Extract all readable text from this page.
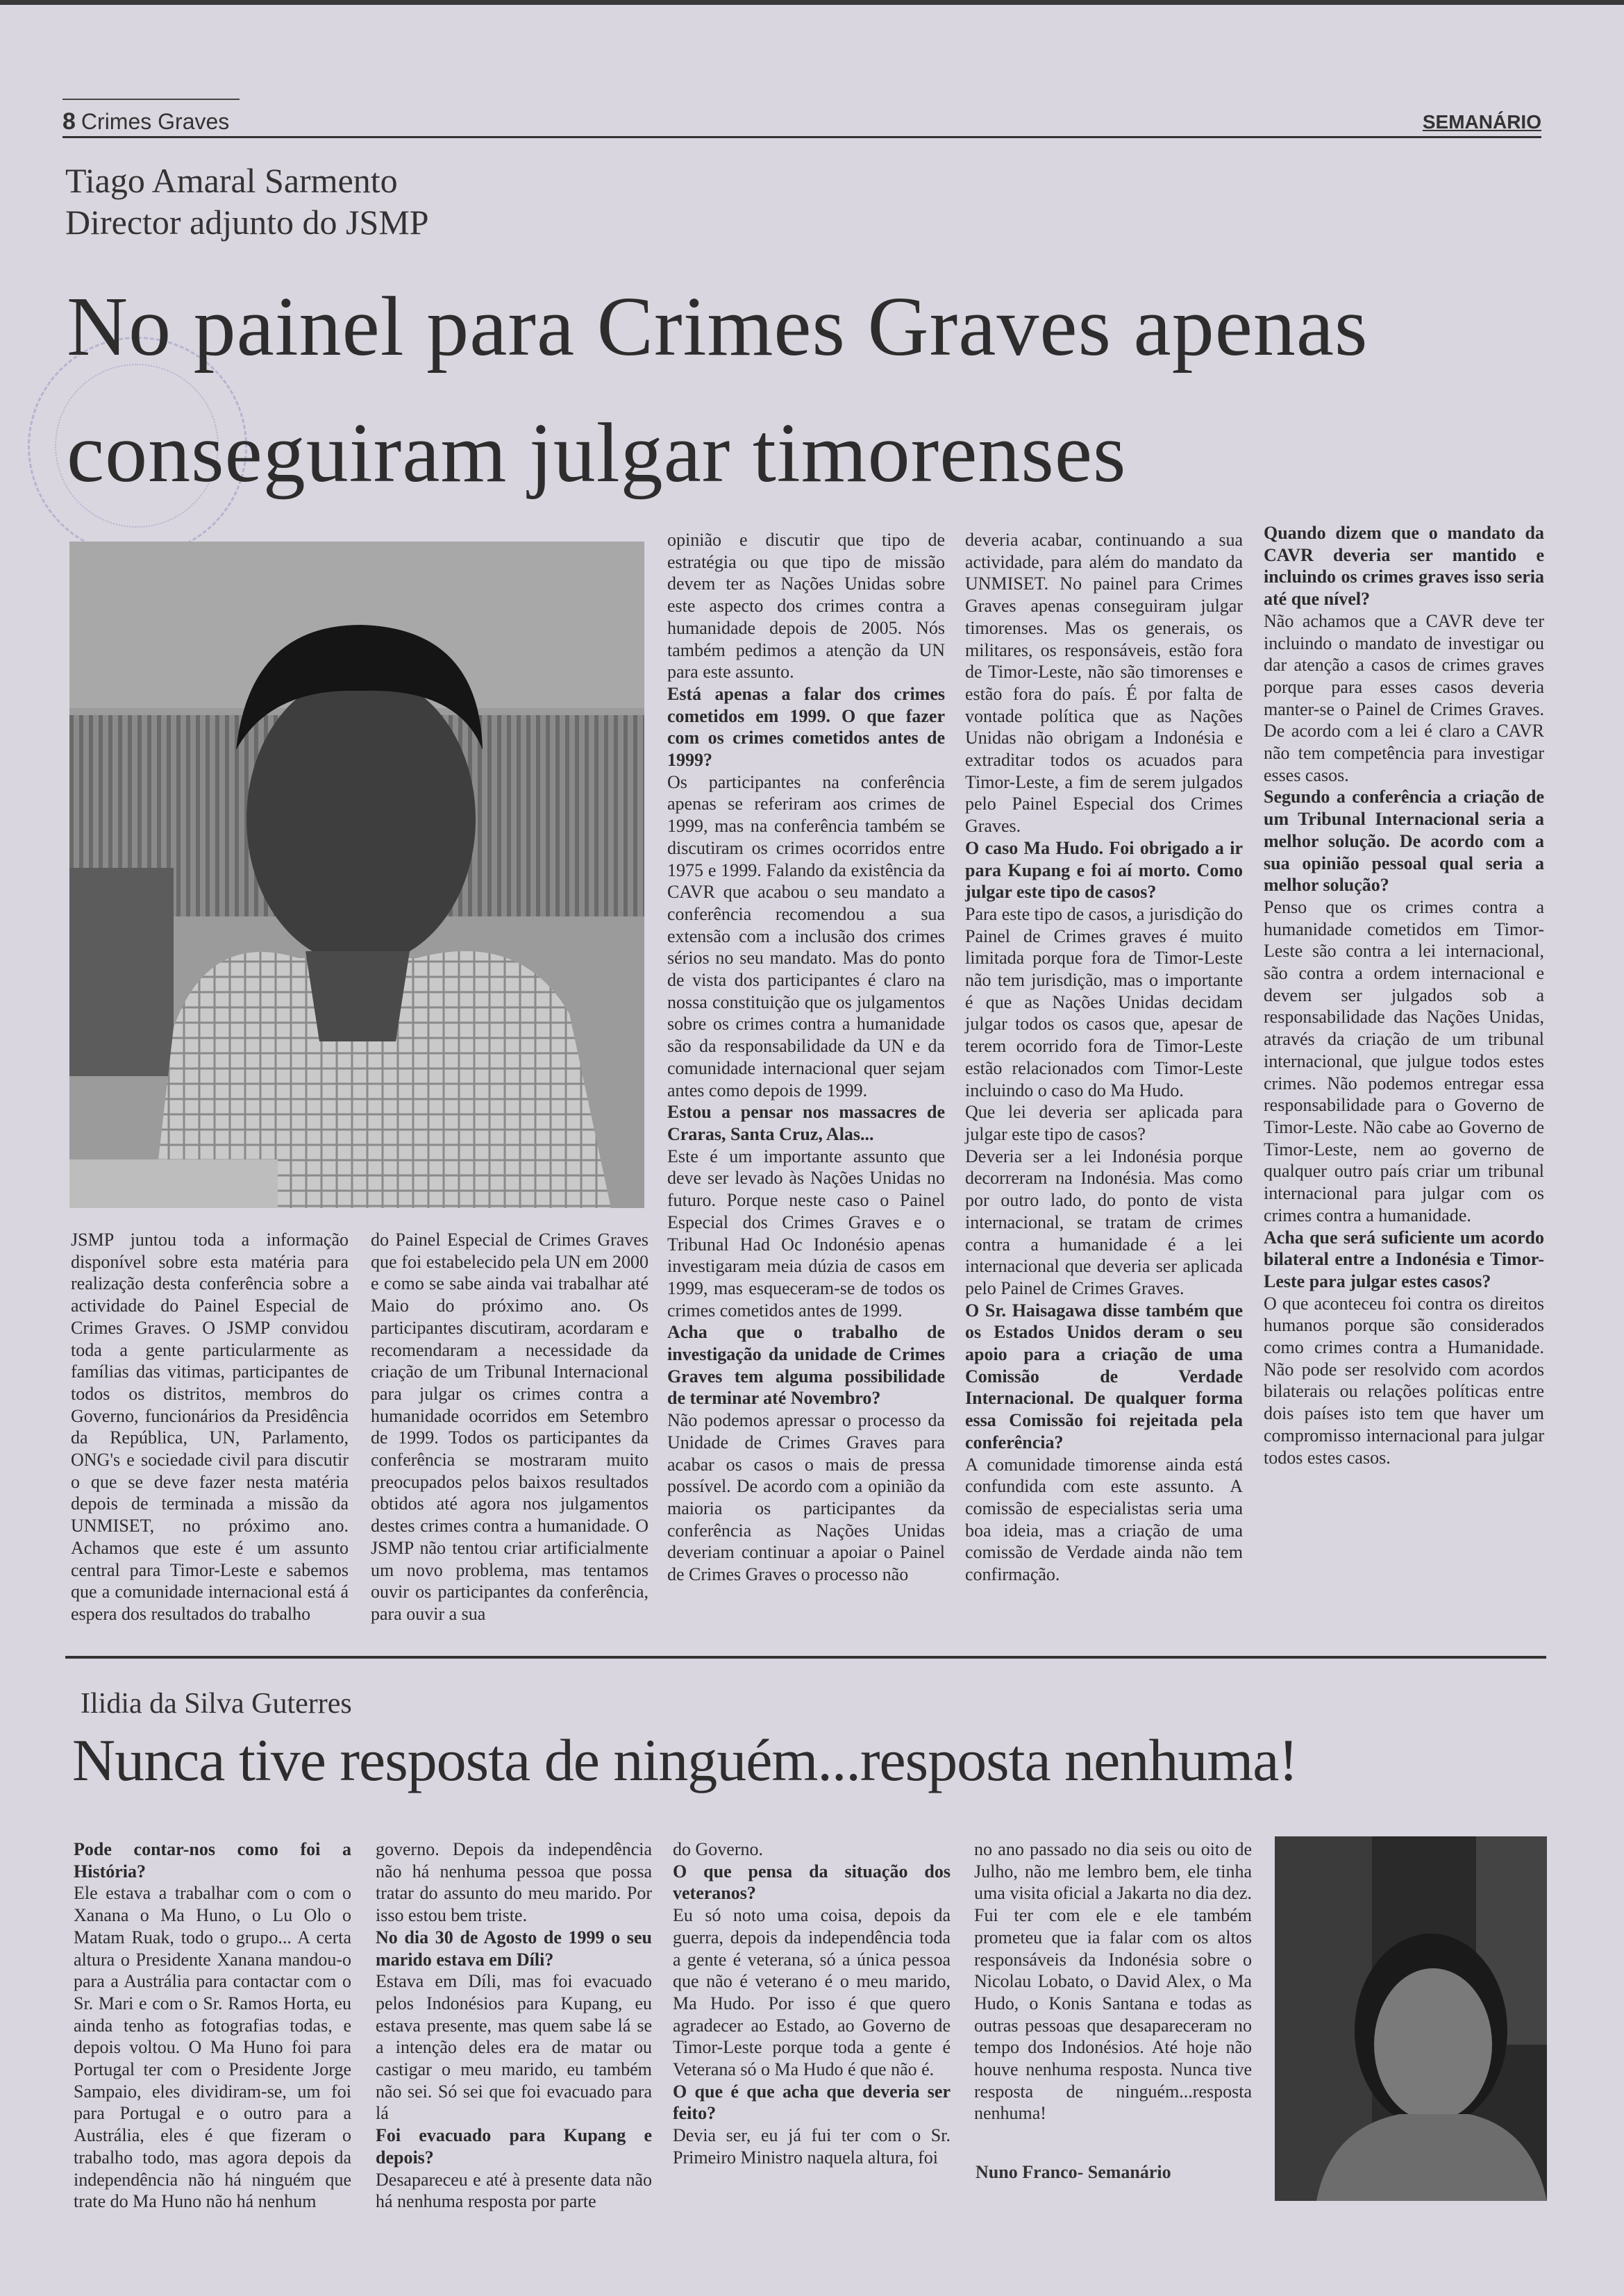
8 Crimes Graves	SEMANÁRIO
Tiago Amaral Sarmento
Director adjunto do JSMP
No painel para Crimes Graves apenas conseguiram julgar timorenses

JSMP juntou toda a informação disponível sobre esta matéria para realização desta conferência sobre a actividade do Painel Especial de Crimes Graves. O JSMP convidou toda a gente particularmente as famílias das vitimas, participantes de todos os distritos, membros do Governo, funcionários da Presidência da República, UN, Parlamento, ONG's e sociedade civil para discutir o que se deve fazer nesta matéria depois de terminada a missão da UNMISET, no próximo ano. Achamos que este é um assunto central para Timor-Leste e sabemos que a comunidade internacional está á espera dos resultados do trabalho

do Painel Especial de Crimes Graves que foi estabelecido pela UN em 2000 e como se sabe ainda vai trabalhar até Maio do próximo ano. Os participantes discutiram, acordaram e recomendaram a necessidade da criação de um Tribunal Internacional para julgar os crimes contra a humanidade ocorridos em Setembro de 1999. Todos os participantes da conferência se mostraram muito preocupados pelos baixos resultados obtidos até agora nos julgamentos destes crimes contra a humanidade. O JSMP não tentou criar artificialmente um novo problema, mas tentamos ouvir os participantes da conferência, para ouvir a sua

opinião e discutir que tipo de estratégia ou que tipo de missão devem ter as Nações Unidas sobre este aspecto dos crimes contra a humanidade depois de 2005. Nós também pedimos a atenção da UN para este assunto.

Está apenas a falar dos crimes cometidos em 1999. O que fazer com os crimes cometidos antes de 1999?

Os participantes na conferência apenas se referiram aos crimes de 1999, mas na conferência também se discutiram os crimes ocorridos entre 1975 e 1999. Falando da existência da CAVR que acabou o seu mandato a conferência recomendou a sua extensão com a inclusão dos crimes sérios no seu mandato. Mas do ponto de vista dos participantes é claro na nossa constituição que os julgamentos sobre os crimes contra a humanidade são da responsabilidade da UN e da comunidade internacional quer sejam antes como depois de 1999.

Estou a pensar nos massacres de Craras, Santa Cruz, Alas...

Este é um importante assunto que deve ser levado às Nações Unidas no futuro. Porque neste caso o Painel Especial dos Crimes Graves e o Tribunal Had Oc Indonésio apenas investigaram meia dúzia de casos em 1999, mas esqueceram-se de todos os crimes cometidos antes de 1999.

Acha que o trabalho de investigação da unidade de Crimes Graves tem alguma possibilidade de terminar até Novembro?

Não podemos apressar o processo da Unidade de Crimes Graves para acabar os casos o mais de pressa possível. De acordo com a opinião da maioria os participantes da conferência as Nações Unidas deveriam continuar a apoiar o Painel de Crimes Graves o processo não

deveria acabar, continuando a sua actividade, para além do mandato da UNMISET. No painel para Crimes Graves apenas conseguiram julgar timorenses. Mas os generais, os militares, os responsáveis, estão fora de Timor-Leste, não são timorenses e estão fora do país. É por falta de vontade política que as Nações Unidas não obrigam a Indonésia e extraditar todos os acuados para Timor-Leste, a fim de serem julgados pelo Painel Especial dos Crimes Graves.

O caso Ma Hudo. Foi obrigado a ir para Kupang e foi aí morto. Como julgar este tipo de casos?

Para este tipo de casos, a jurisdição do Painel de Crimes graves é muito limitada porque fora de Timor-Leste não tem jurisdição, mas o importante é que as Nações Unidas decidam julgar todos os casos que, apesar de terem ocorrido fora de Timor-Leste estão relacionados com Timor-Leste incluindo o caso do Ma Hudo.

Que lei deveria ser aplicada para julgar este tipo de casos?

Deveria ser a lei Indonésia porque decorreram na Indonésia. Mas como por outro lado, do ponto de vista internacional, se tratam de crimes contra a humanidade é a lei internacional que deveria ser aplicada pelo Painel de Crimes Graves.

O Sr. Haisagawa disse também que os Estados Unidos deram o seu apoio para a criação de uma Comissão de Verdade Internacional. De qualquer forma essa Comissão foi rejeitada pela conferência?

A comunidade timorense ainda está confundida com este assunto. A comissão de especialistas seria uma boa ideia, mas a criação de uma comissão de Verdade ainda não tem confirmação.

Quando dizem que o mandato da CAVR deveria ser mantido e incluindo os crimes graves isso seria até que nível?

Não achamos que a CAVR deve ter incluindo o mandato de investigar ou dar atenção a casos de crimes graves porque para esses casos deveria manter-se o Painel de Crimes Graves. De acordo com a lei é claro a CAVR não tem competência para investigar esses casos.

Segundo a conferência a criação de um Tribunal Internacional seria a melhor solução. De acordo com a sua opinião pessoal qual seria a melhor solução?

Penso que os crimes contra a humanidade cometidos em Timor-Leste são contra a lei internacional, são contra a ordem internacional e devem ser julgados sob a responsabilidade das Nações Unidas, através da criação de um tribunal internacional, que julgue todos estes crimes. Não podemos entregar essa responsabilidade para o Governo de Timor-Leste. Não cabe ao Governo de Timor-Leste, nem ao governo de qualquer outro país criar um tribunal internacional para julgar com os crimes contra a humanidade.

Acha que será suficiente um acordo bilateral entre a Indonésia e Timor-Leste para julgar estes casos?

O que aconteceu foi contra os direitos humanos porque são considerados como crimes contra a Humanidade. Não pode ser resolvido com acordos bilaterais ou relações políticas entre dois países isto tem que haver um compromisso internacional para julgar todos estes casos.

Ilidia da Silva Guterres
Nunca tive resposta de ninguém...resposta nenhuma!

Pode contar-nos como foi a História?

Ele estava a trabalhar com o com o Xanana o Ma Huno, o Lu Olo o Matam Ruak, todo o grupo... A certa altura o Presidente Xanana mandou-o para a Austrália para contactar com o Sr. Mari e com o Sr. Ramos Horta, eu ainda tenho as fotografias todas, e depois voltou. O Ma Huno foi para Portugal ter com o Presidente Jorge Sampaio, eles dividiram-se, um foi para Portugal e o outro para a Austrália, eles é que fizeram o trabalho todo, mas agora depois da independência não há ninguém que trate do Ma Huno não há nenhum

governo. Depois da independência não há nenhuma pessoa que possa tratar do assunto do meu marido. Por isso estou bem triste.

No dia 30 de Agosto de 1999 o seu marido estava em Díli?

Estava em Díli, mas foi evacuado pelos Indonésios para Kupang, eu estava presente, mas quem sabe lá se a intenção deles era de matar ou castigar o meu marido, eu também não sei. Só sei que foi evacuado para lá

Foi evacuado para Kupang e depois?

Desapareceu e até à presente data não há nenhuma resposta por parte

do Governo.

O que pensa da situação dos veteranos?

Eu só noto uma coisa, depois da guerra, depois da independência toda a gente é veterana, só a única pessoa que não é veterano é o meu marido, Ma Hudo. Por isso é que quero agradecer ao Estado, ao Governo de Timor-Leste porque toda a gente é Veterana só o Ma Hudo é que não é.

O que é que acha que deveria ser feito?

Devia ser, eu já fui ter com o Sr. Primeiro Ministro naquela altura, foi

no ano passado no dia seis ou oito de Julho, não me lembro bem, ele tinha uma visita oficial a Jakarta no dia dez. Fui ter com ele e ele também prometeu que ia falar com os altos responsáveis da Indonésia sobre o Nicolau Lobato, o David Alex, o Ma Hudo, o Konis Santana e todas as outras pessoas que desapareceram no tempo dos Indonésios. Até hoje não houve nenhuma resposta. Nunca tive resposta de ninguém...resposta nenhuma!

Nuno Franco- Semanário
